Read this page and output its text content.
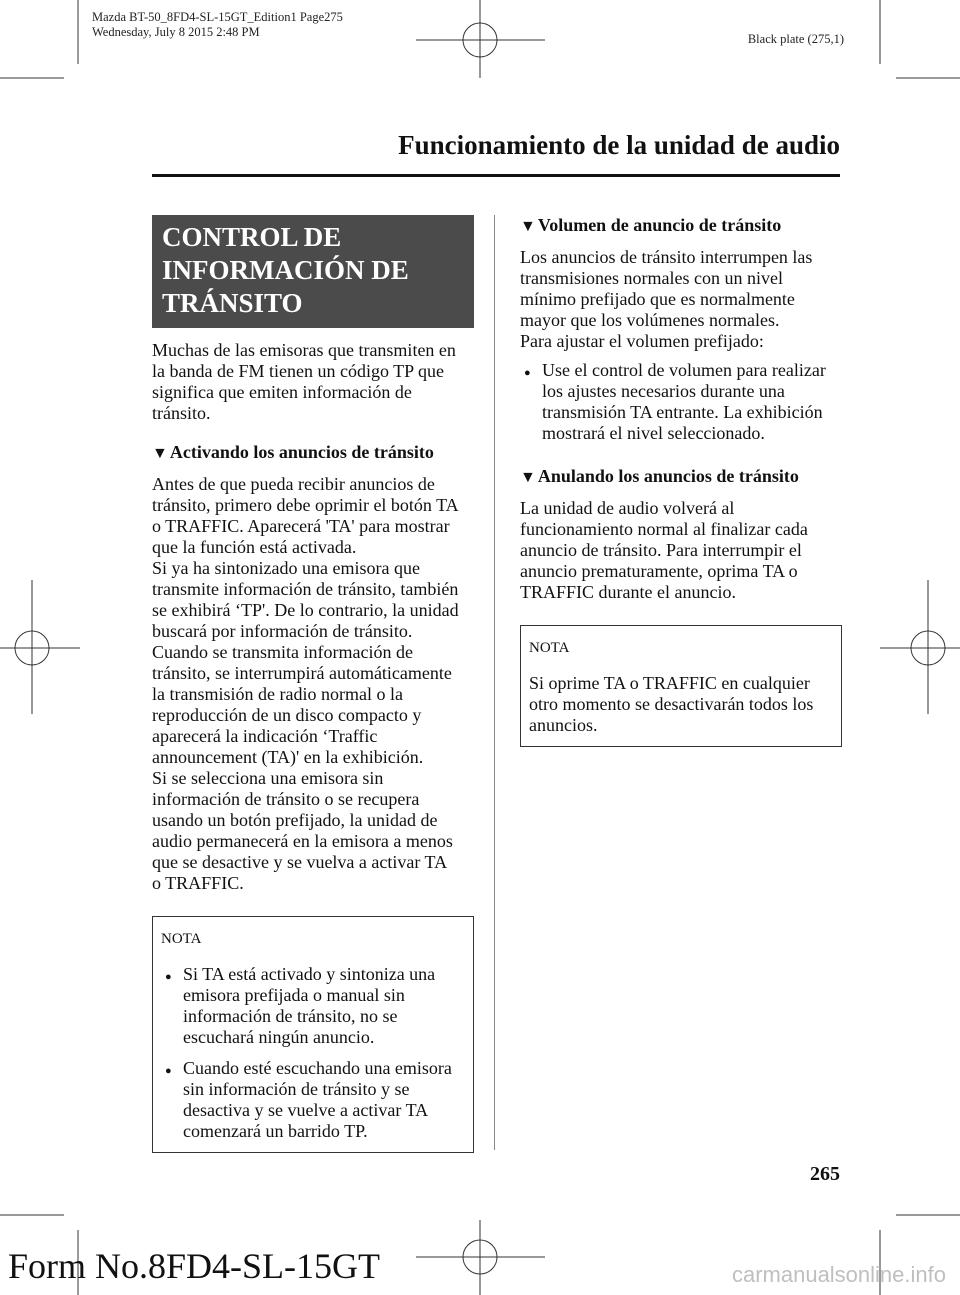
Mazda BT-50_8FD4-SL-15GT_Edition1 Page275
Wednesday, July 8 2015 2:48 PM	Black plate (275,1)
Funcionamiento de la unidad de audio
CONTROL DE
INFORMACIÓN DE
TRÁNSITO

Muchas de las emisoras que transmiten en
la banda de FM tienen un código TP que
significa que emiten información de
tránsito.

▼ Activando los anuncios de tránsito

Antes de que pueda recibir anuncios de
tránsito, primero debe oprimir el botón TA
o TRAFFIC. Aparecerá 'TA' para mostrar
que la función está activada.
Si ya ha sintonizado una emisora que
transmite información de tránsito, también
se exhibirá ‘TP'. De lo contrario, la unidad
buscará por información de tránsito.
Cuando se transmita información de
tránsito, se interrumpirá automáticamente
la transmisión de radio normal o la
reproducción de un disco compacto y
aparecerá la indicación ‘Traffic
announcement (TA)' en la exhibición.
Si se selecciona una emisora sin
información de tránsito o se recupera
usando un botón prefijado, la unidad de
audio permanecerá en la emisora a menos
que se desactive y se vuelva a activar TA
o TRAFFIC.

NOTA
● Si TA está activado y sintoniza una
emisora prefijada o manual sin
información de tránsito, no se
escuchará ningún anuncio.
● Cuando esté escuchando una emisora
sin información de tránsito y se
desactiva y se vuelve a activar TA
comenzará un barrido TP.
▼ Volumen de anuncio de tránsito

Los anuncios de tránsito interrumpen las
transmisiones normales con un nivel
mínimo prefijado que es normalmente
mayor que los volúmenes normales.
Para ajustar el volumen prefijado:

● Use el control de volumen para realizar
los ajustes necesarios durante una
transmisión TA entrante. La exhibición
mostrará el nivel seleccionado.
▼ Anulando los anuncios de tránsito

La unidad de audio volverá al
funcionamiento normal al finalizar cada
anuncio de tránsito. Para interrumpir el
anuncio prematuramente, oprima TA o
TRAFFIC durante el anuncio.

NOTA
Si oprime TA o TRAFFIC en cualquier
otro momento se desactivarán todos los
anuncios.
265
Form No.8FD4-SL-15GT	carmanualsonline.info
